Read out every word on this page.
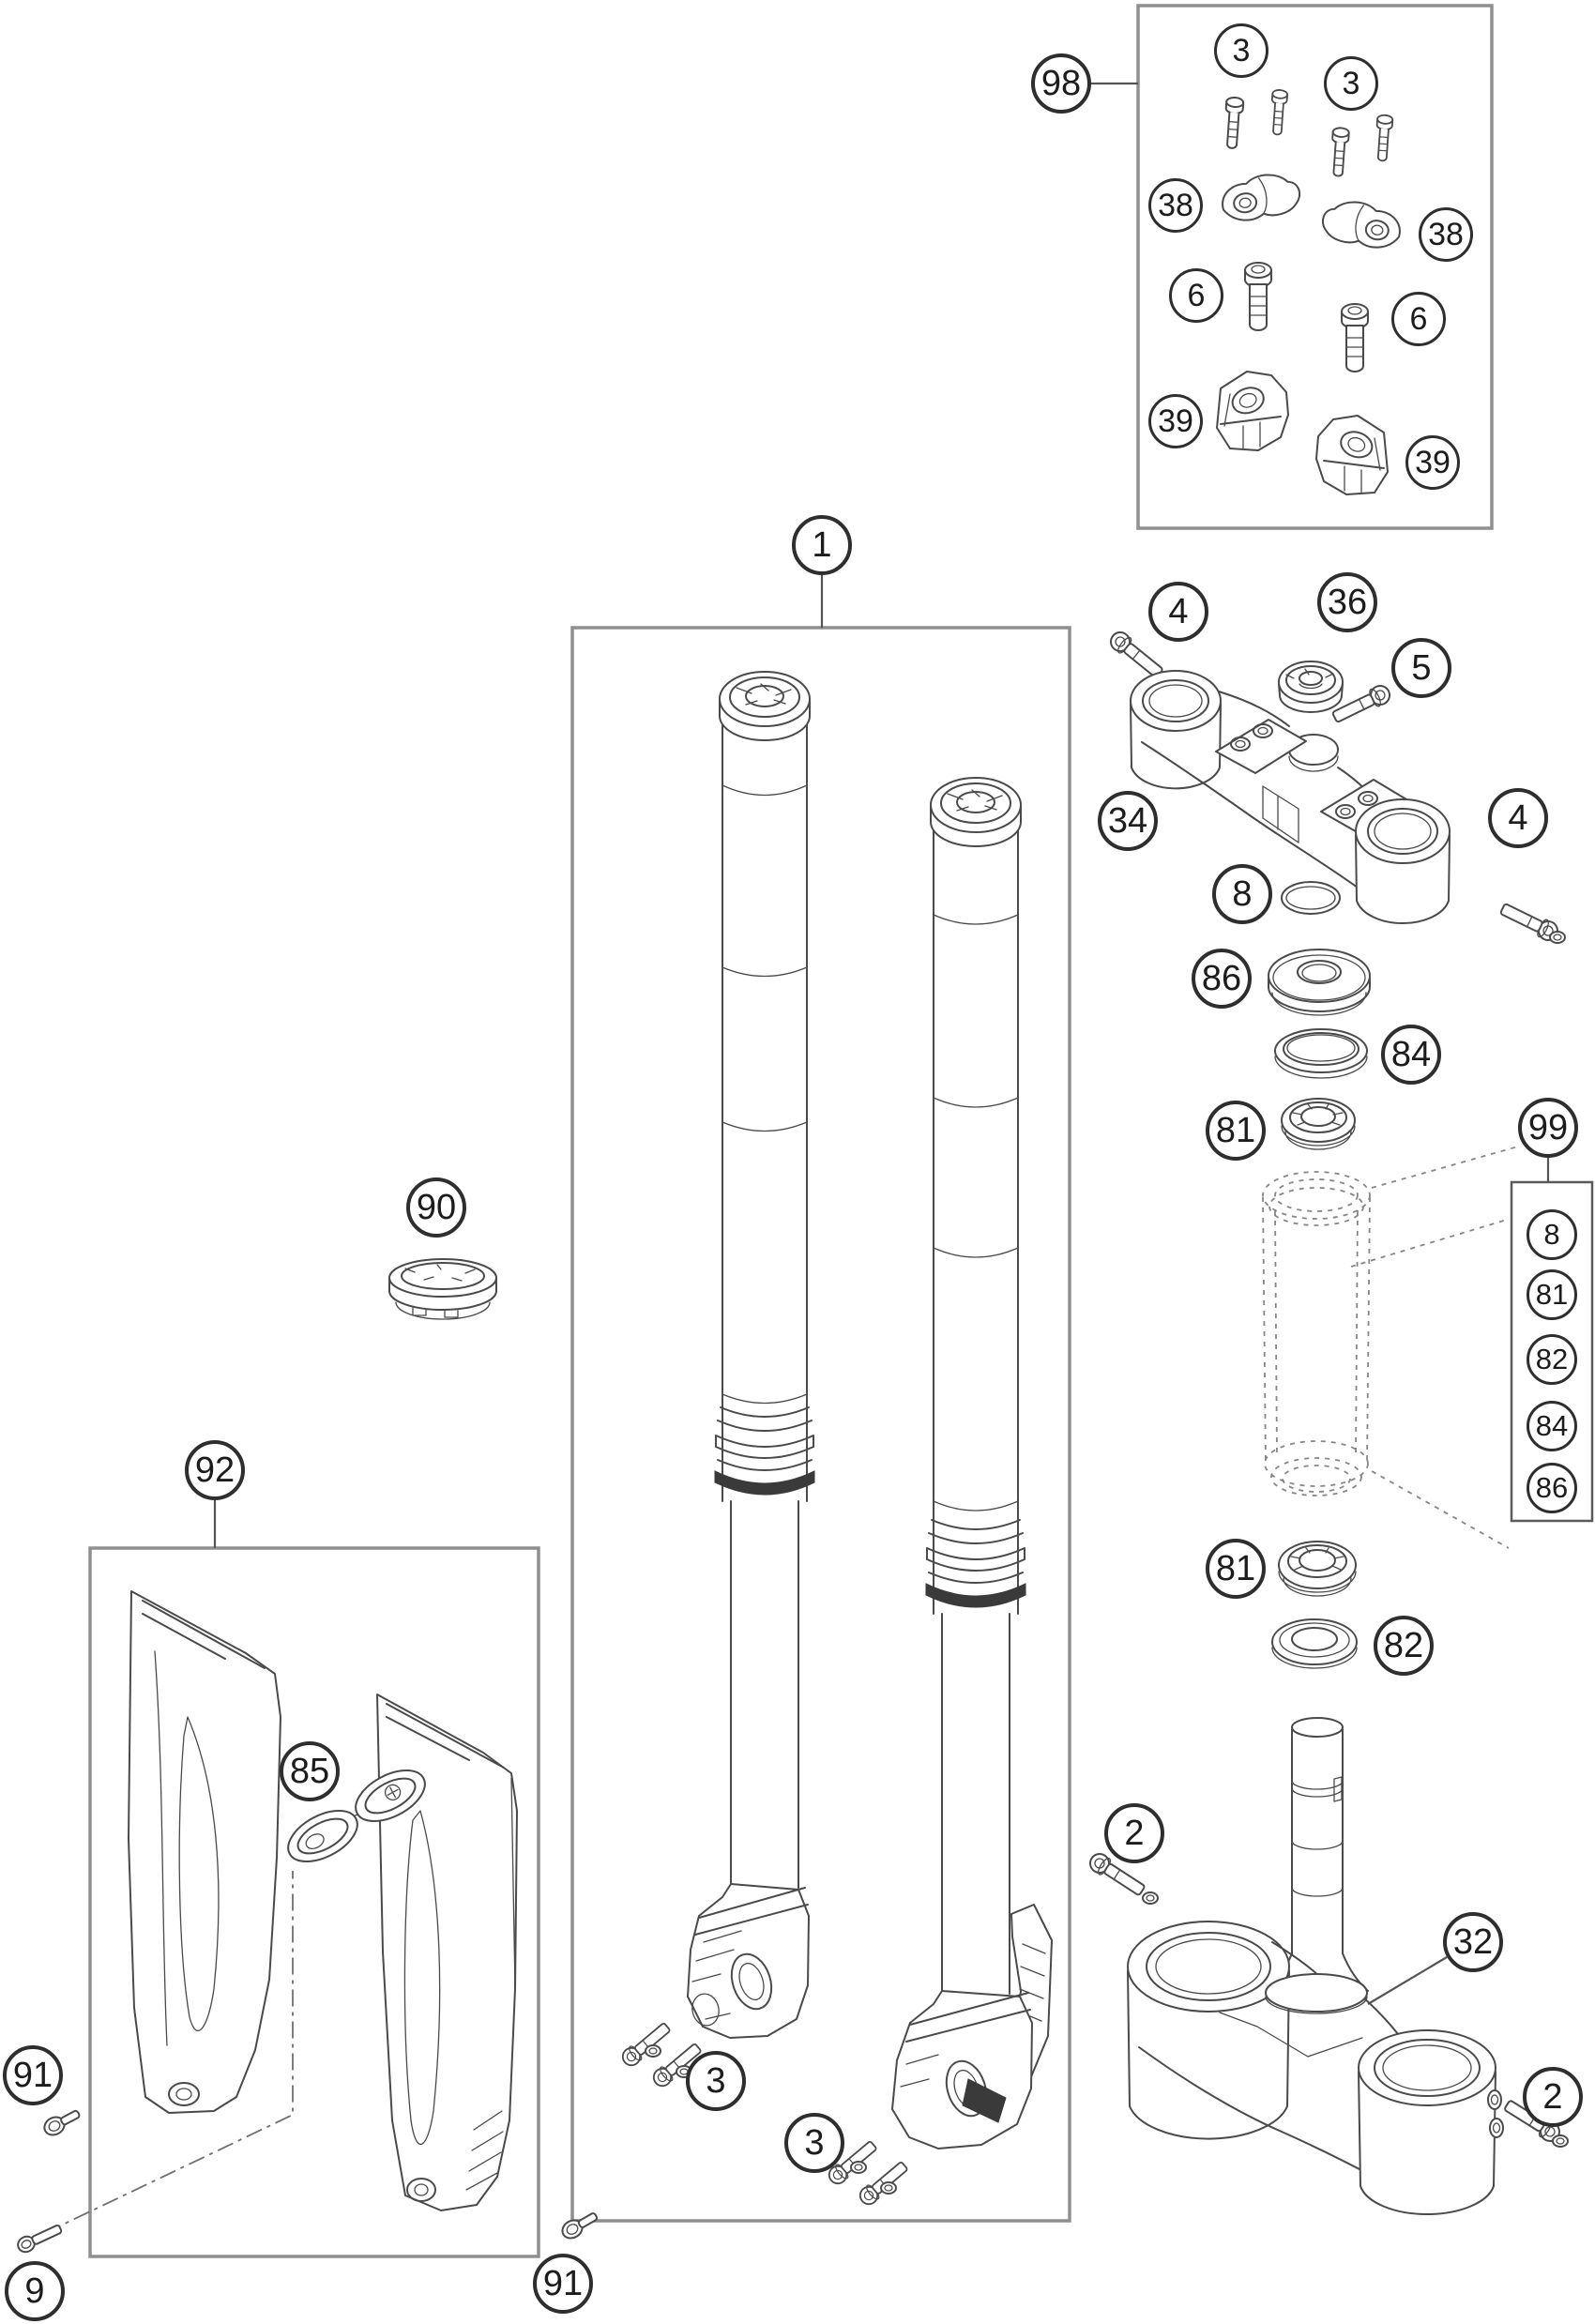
98
3
3
38
38
6
6
39
39
1
3
3
4	36
5
34	4
8
86
84
81	99
8
81
82
84
86
81
82
2
32
2
90
92
85
91
9	91
